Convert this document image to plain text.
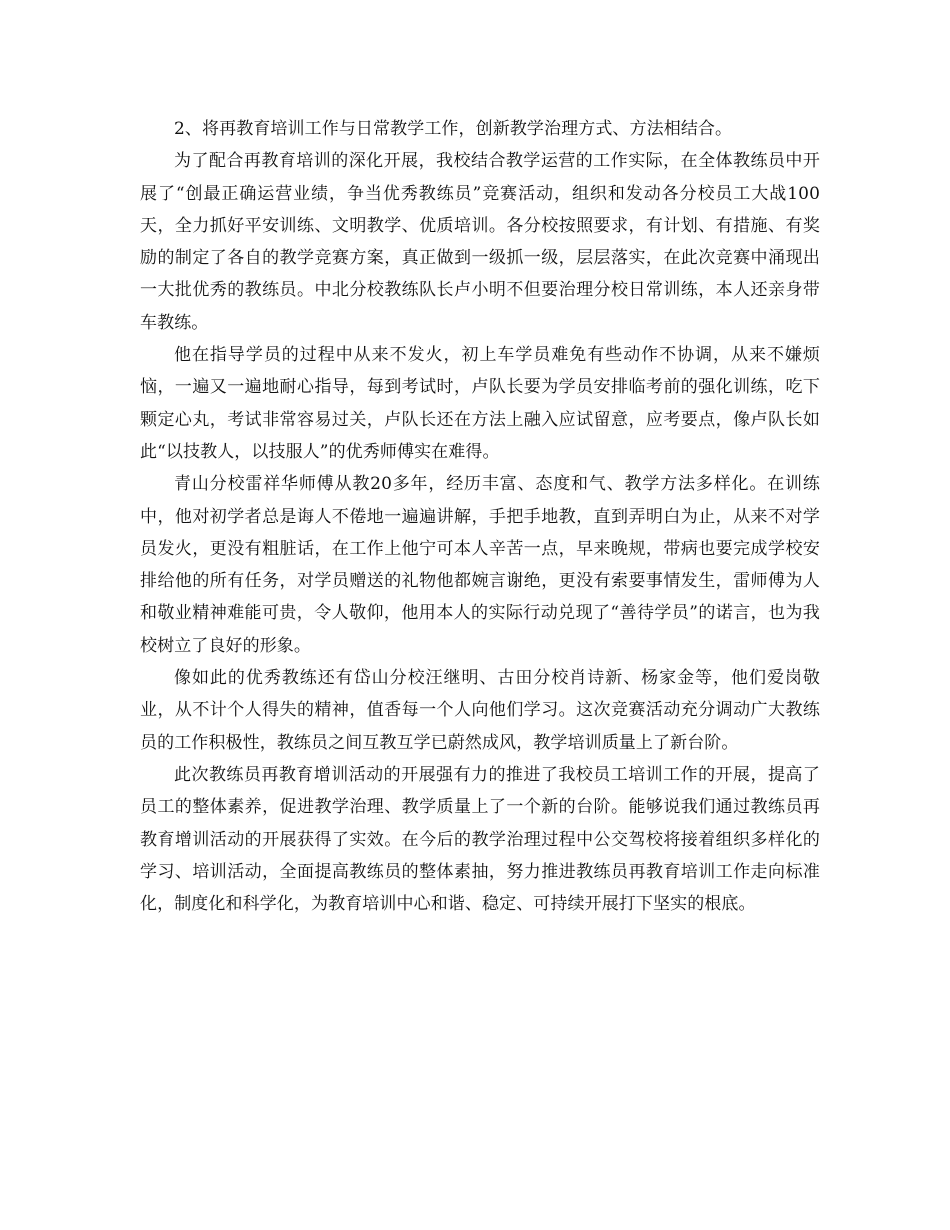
2、将再教育培训工作与日常教学工作，创新教学治理方式、方法相结合。

为了配合再教育培训的深化开展，我校结合教学运营的工作实际，在全体教练员中开展了“创最正确运营业绩，争当优秀教练员”竞赛活动，组织和发动各分校员工大战100天，全力抓好平安训练、文明教学、优质培训。各分校按照要求，有计划、有措施、有奖励的制定了各自的教学竞赛方案，真正做到一级抓一级，层层落实，在此次竞赛中涌现出一大批优秀的教练员。中北分校教练队长卢小明不但要治理分校日常训练，本人还亲身带车教练。

他在指导学员的过程中从来不发火，初上车学员难免有些动作不协调，从来不嫌烦恼，一遍又一遍地耐心指导，每到考试时，卢队长要为学员安排临考前的强化训练，吃下颗定心丸，考试非常容易过关，卢队长还在方法上融入应试留意，应考要点，像卢队长如此“以技教人，以技服人”的优秀师傅实在难得。

青山分校雷祥华师傅从教20多年，经历丰富、态度和气、教学方法多样化。在训练中，他对初学者总是诲人不倦地一遍遍讲解，手把手地教，直到弄明白为止，从来不对学员发火，更没有粗脏话，在工作上他宁可本人辛苦一点，早来晚规，带病也要完成学校安排给他的所有任务，对学员赠送的礼物他都婉言谢绝，更没有索要事情发生，雷师傅为人和敬业精神难能可贵，令人敬仰，他用本人的实际行动兑现了“善待学员”的诺言，也为我校树立了良好的形象。

像如此的优秀教练还有岱山分校汪继明、古田分校肖诗新、杨家金等，他们爱岗敬业，从不计个人得失的精神，值香每一个人向他们学习。这次竞赛活动充分调动广大教练员的工作积极性，教练员之间互教互学已蔚然成风，教学培训质量上了新台阶。

此次教练员再教育增训活动的开展强有力的推进了我校员工培训工作的开展，提高了员工的整体素养，促进教学治理、教学质量上了一个新的台阶。能够说我们通过教练员再教育增训活动的开展获得了实效。在今后的教学治理过程中公交驾校将接着组织多样化的学习、培训活动，全面提高教练员的整体素抽，努力推进教练员再教育培训工作走向标准化，制度化和科学化，为教育培训中心和谐、稳定、可持续开展打下坚实的根底。
